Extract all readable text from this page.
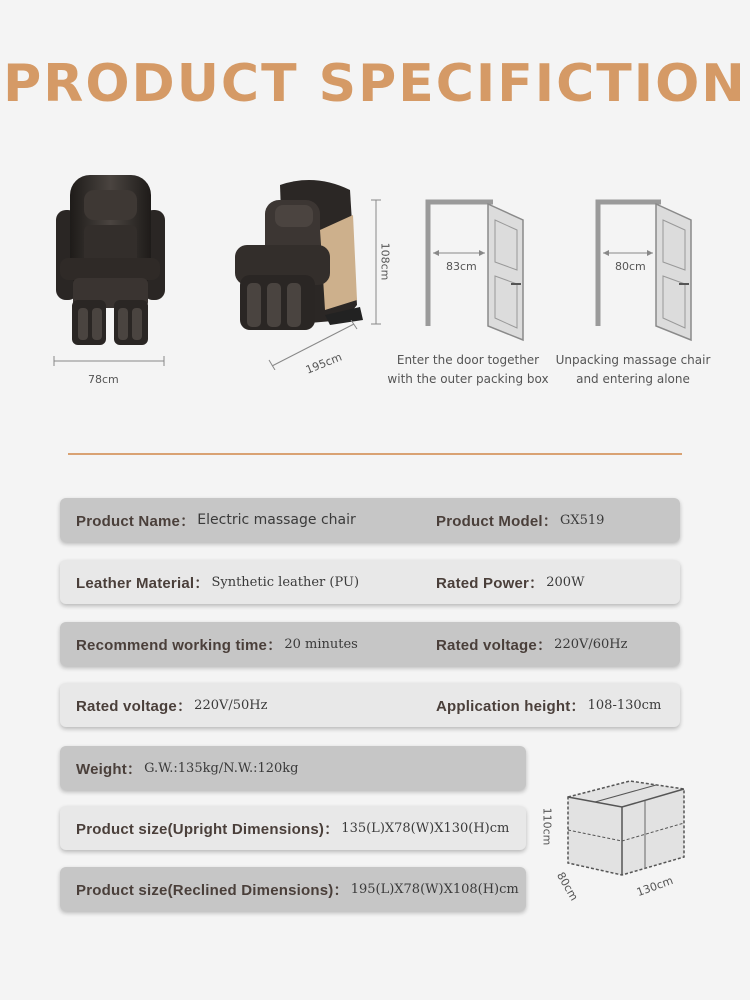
PRODUCT SPECIFICTION
78cm
108cm
195cm
83cm
Enter the door together
with the outer packing box
80cm
Unpacking massage chair
and entering alone
Product Name： Electric massage chair	Product Model： GX519
Leather Material： Synthetic leather (PU)	Rated Power： 200W
Recommend working time： 20 minutes	Rated voltage： 220V/60Hz
Rated voltage： 220V/50Hz	Application height： 108-130cm
Weight： G.W.:135kg/N.W.:120kg
Product size(Upright Dimensions)： 135(L)X78(W)X130(H)cm
Product size(Reclined Dimensions)： 195(L)X78(W)X108(H)cm
110cm
80cm	130cm
